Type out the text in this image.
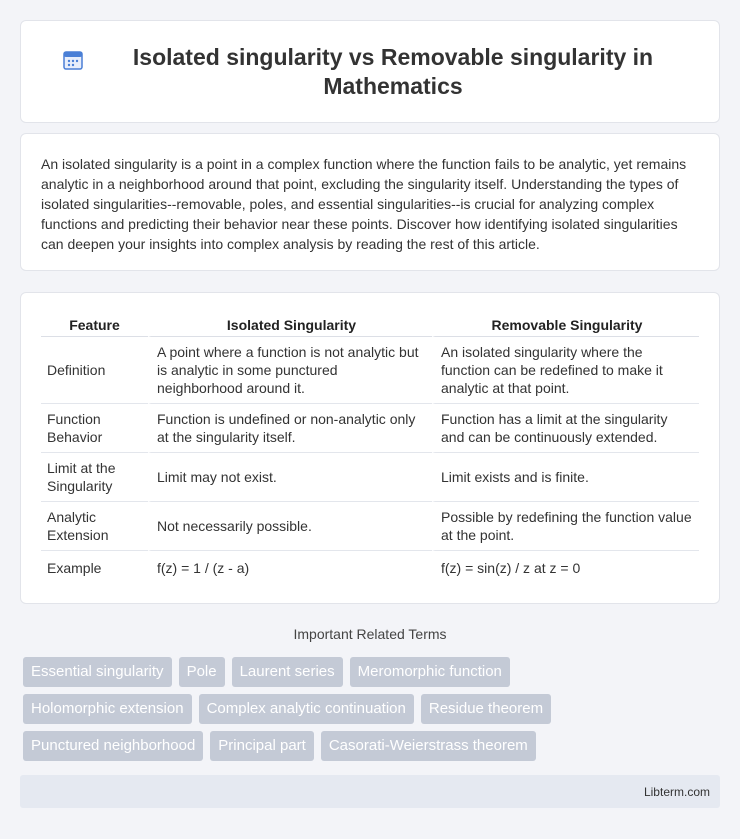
Isolated singularity vs Removable singularity in Mathematics

An isolated singularity is a point in a complex function where the function fails to be analytic, yet remains analytic in a neighborhood around that point, excluding the singularity itself. Understanding the types of isolated singularities--removable, poles, and essential singularities--is crucial for analyzing complex functions and predicting their behavior near these points. Discover how identifying isolated singularities can deepen your insights into complex analysis by reading the rest of this article.

Feature	Isolated Singularity	Removable Singularity
Definition	A point where a function is not analytic but is analytic in some punctured neighborhood around it.	An isolated singularity where the function can be redefined to make it analytic at that point.
Function Behavior	Function is undefined or non-analytic only at the singularity itself.	Function has a limit at the singularity and can be continuously extended.
Limit at the Singularity	Limit may not exist.	Limit exists and is finite.
Analytic Extension	Not necessarily possible.	Possible by redefining the function value at the point.
Example	f(z) = 1 / (z - a)	f(z) = sin(z) / z at z = 0
Important Related Terms
Essential singularity	Pole	Laurent series	Meromorphic function
Holomorphic extension	Complex analytic continuation	Residue theorem
Punctured neighborhood	Principal part	Casorati-Weierstrass theorem
Libterm.com
